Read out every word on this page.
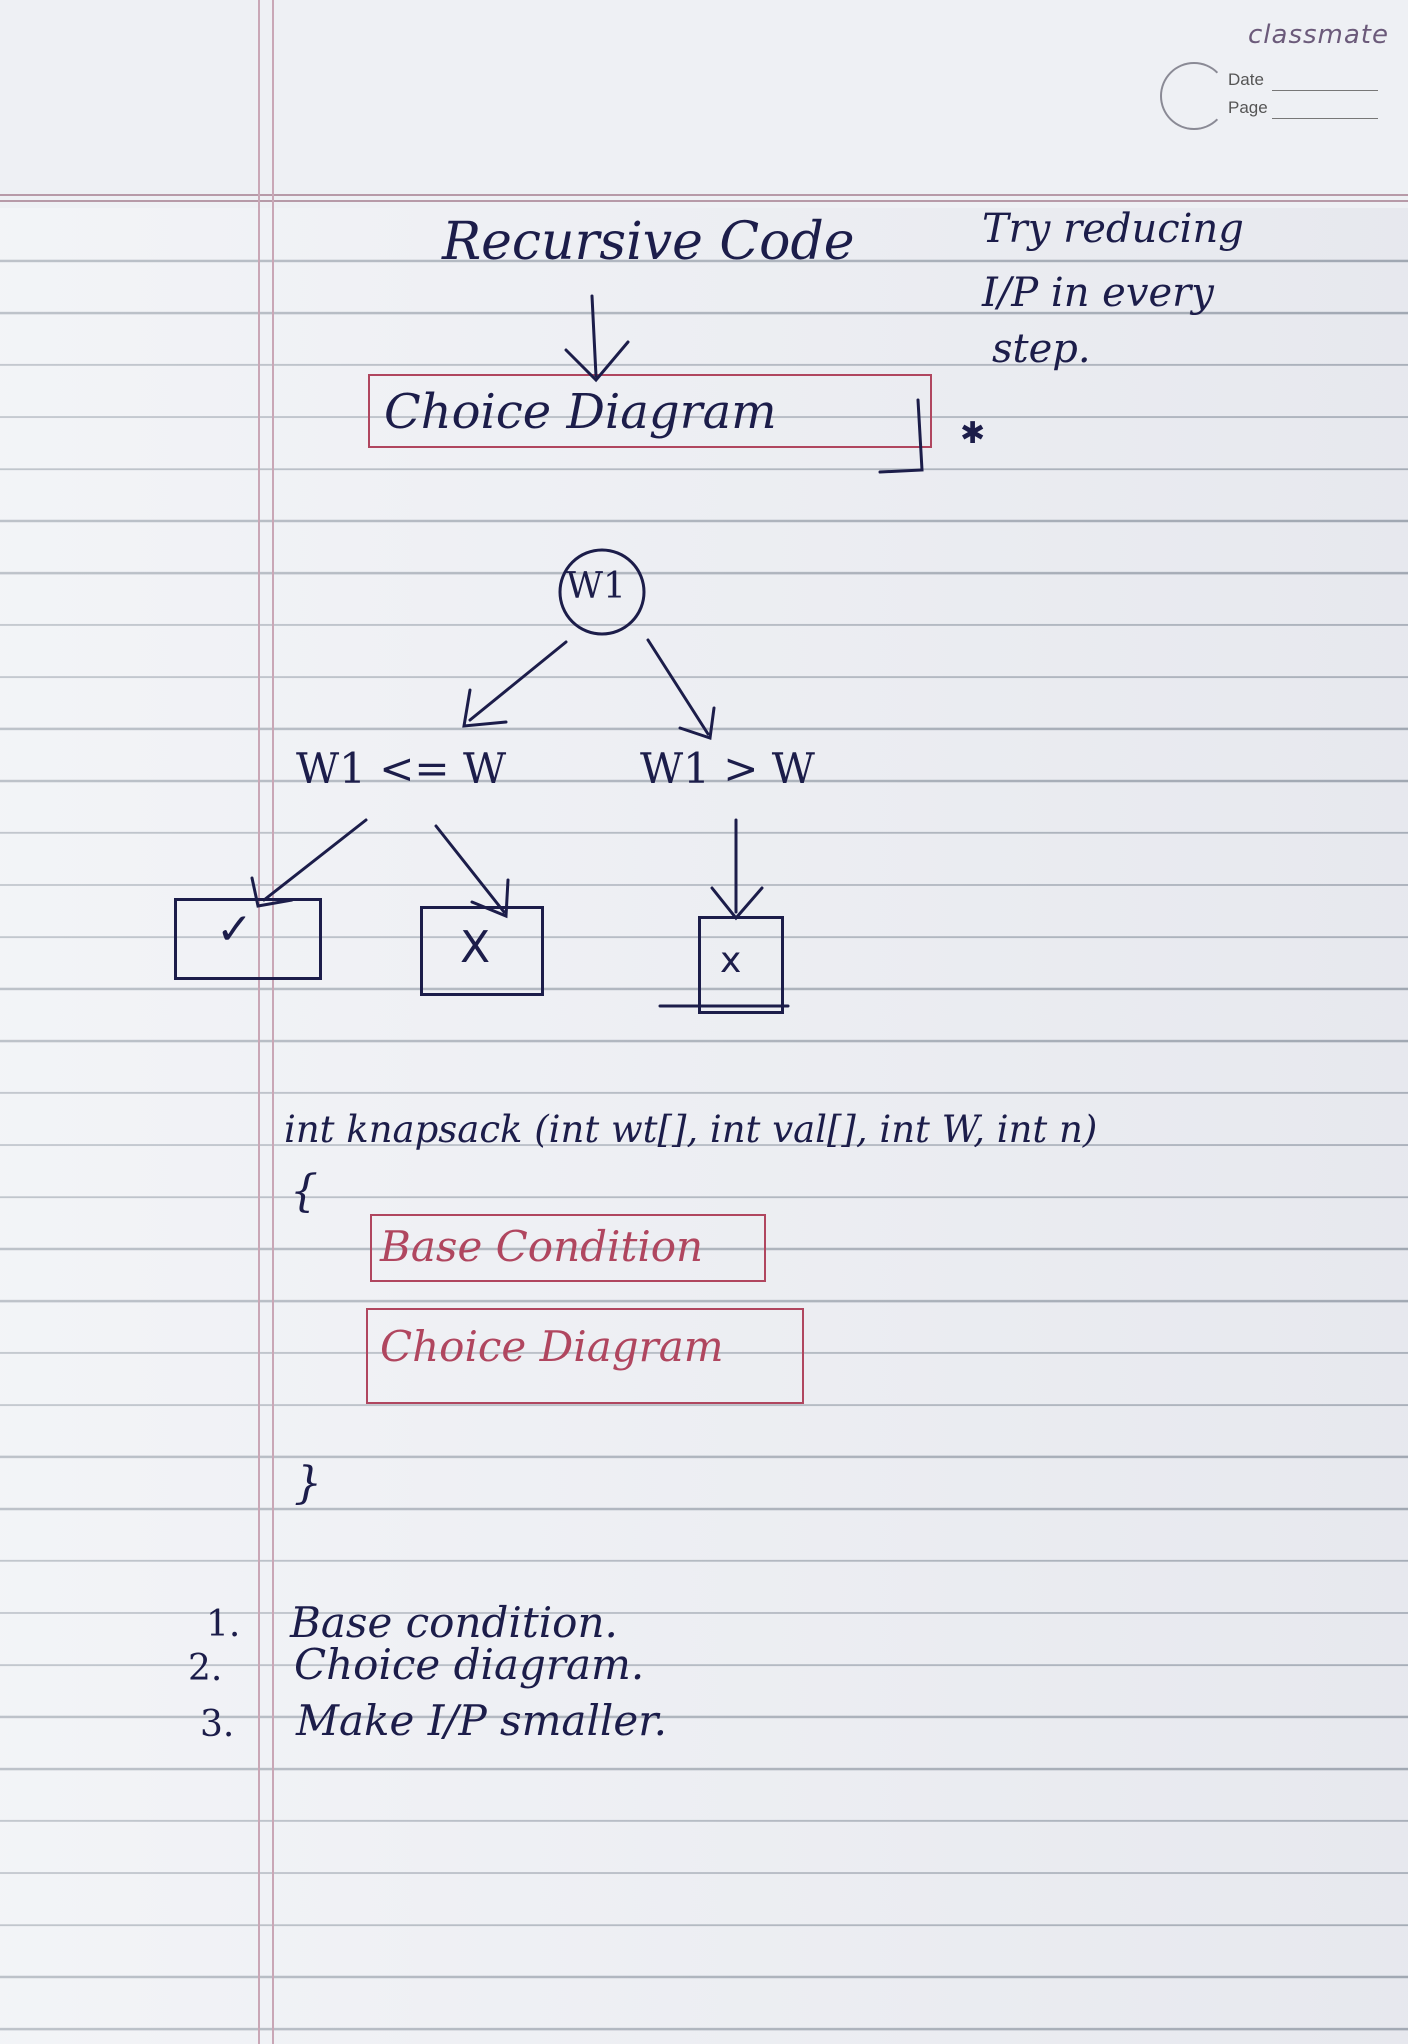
classmate
Date
Page
Recursive Code	Try reducing
I/P in every
step.
Choice Diagram	✱
W1
W1 <= W	W1 > W
✓	X	x
int knapsack (int wt[], int val[], int W, int n)
{
Base Condition
Choice Diagram
}
1. Base condition.
2. Choice diagram.
3. Make I/P smaller.
